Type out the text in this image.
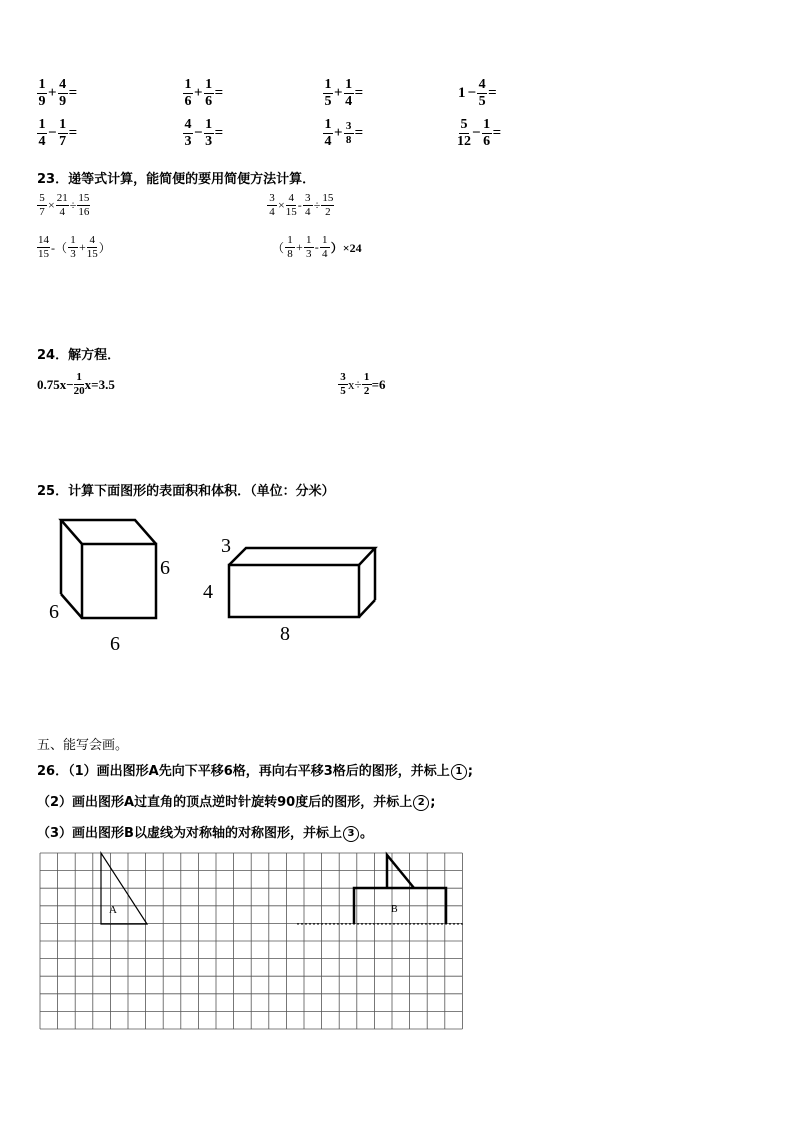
$\frac{1}{9} + \frac{4}{9}$ =	$\frac{1}{6} + \frac{1}{6}$ =	$\frac{1}{5} + \frac{1}{4}$ =	$1 - \frac{4}{5}$ =
$\frac{1}{4} - \frac{1}{7}$ =	$\frac{4}{3} - \frac{1}{3}$ =	$\frac{1}{4} + \frac{3}{8}$ =	$\frac{5}{12} - \frac{1}{6}$ =
23．递等式计算，能简便的要用简便方法计算．
$\frac{5}{7} \times \frac{21}{4} \div \frac{15}{16}$	$\frac{3}{4} \times \frac{4}{15} - \frac{3}{4} \div \frac{15}{2}$
$\frac{14}{15}$ -（ $\frac{1}{3} + \frac{4}{15}$ ）	（ $\frac{1}{8} + \frac{1}{3} - \frac{1}{4} )\times 24$
24．解方程．
$0.75x- \frac{1}{20} x=3.5$	$\frac{3}{5} x\div \frac{1}{2} =6$
25．计算下面图形的表面积和体积．（单位：分米）
6
6
6
3
4
8
五、能写会画。
26．（1）画出图形A先向下平移6格，再向右平移3格后的图形，并标上 1 ;
（2）画出图形A过直角的顶点逆时针旋转90度后的图形，并标上 2 ;
（3）画出图形B以虚线为对称轴的对称图形，并标上 3 。
A	B
